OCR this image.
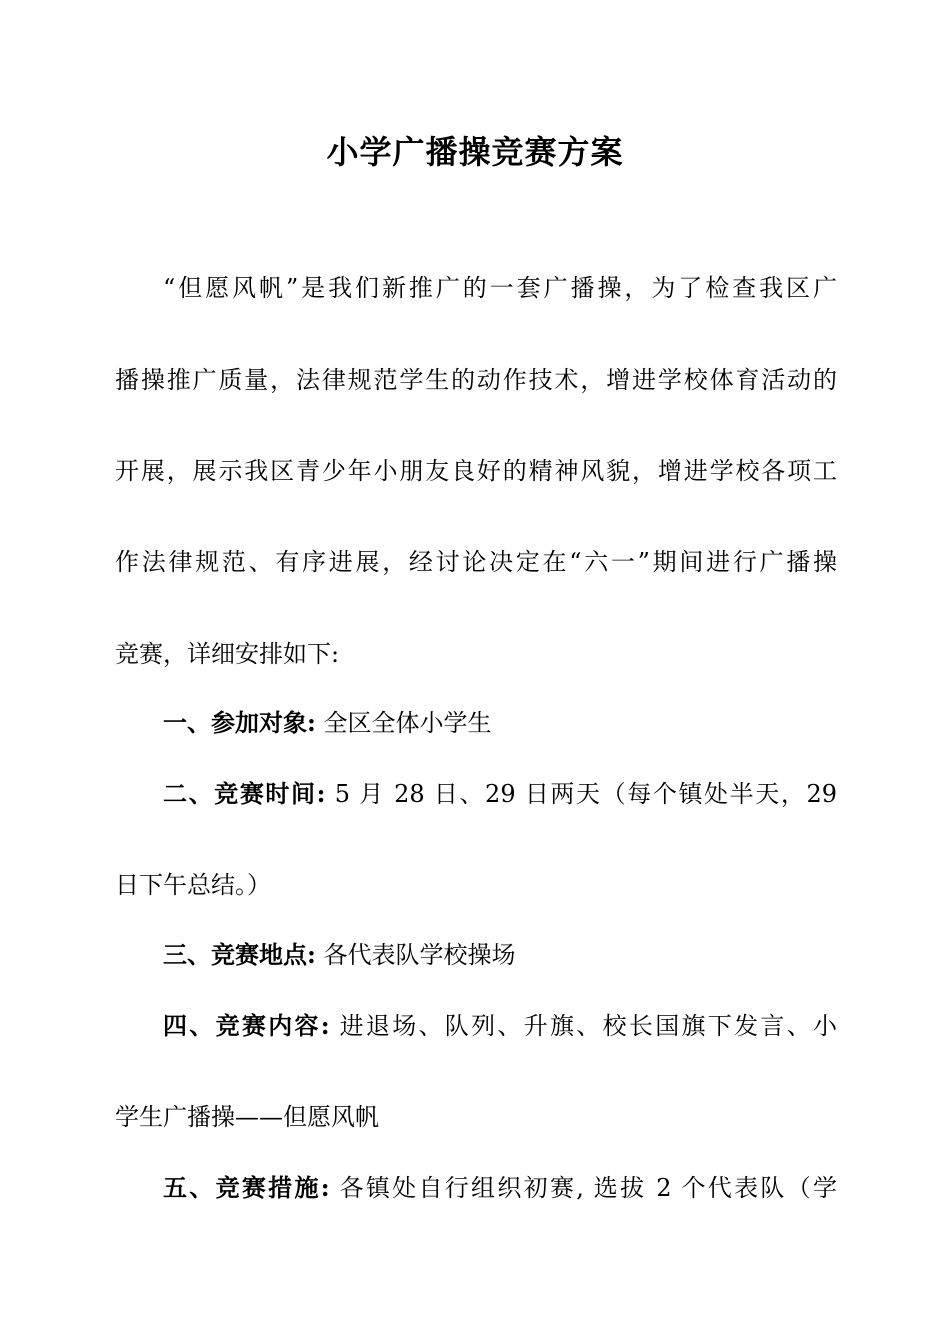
小学广播操竞赛方案
“但愿风帆”是我们新推广的一套广播操，为了检查我区广
播操推广质量，法律规范学生的动作技术，增进学校体育活动的
开展，展示我区青少年小朋友良好的精神风貌，增进学校各项工
作法律规范、有序进展，经讨论决定在“六一”期间进行广播操
竞赛，详细安排如下:
一、参加对象: 全区全体小学生
二、竞赛时间: 5 月 28 日、29 日两天（每个镇处半天，29
日下午总结。）
三、竞赛地点: 各代表队学校操场
四、竞赛内容: 进退场、队列、升旗、校长国旗下发言、小
学生广播操——但愿风帆
五、竞赛措施: 各镇处自行组织初赛, 选拔 2 个代表队（学
